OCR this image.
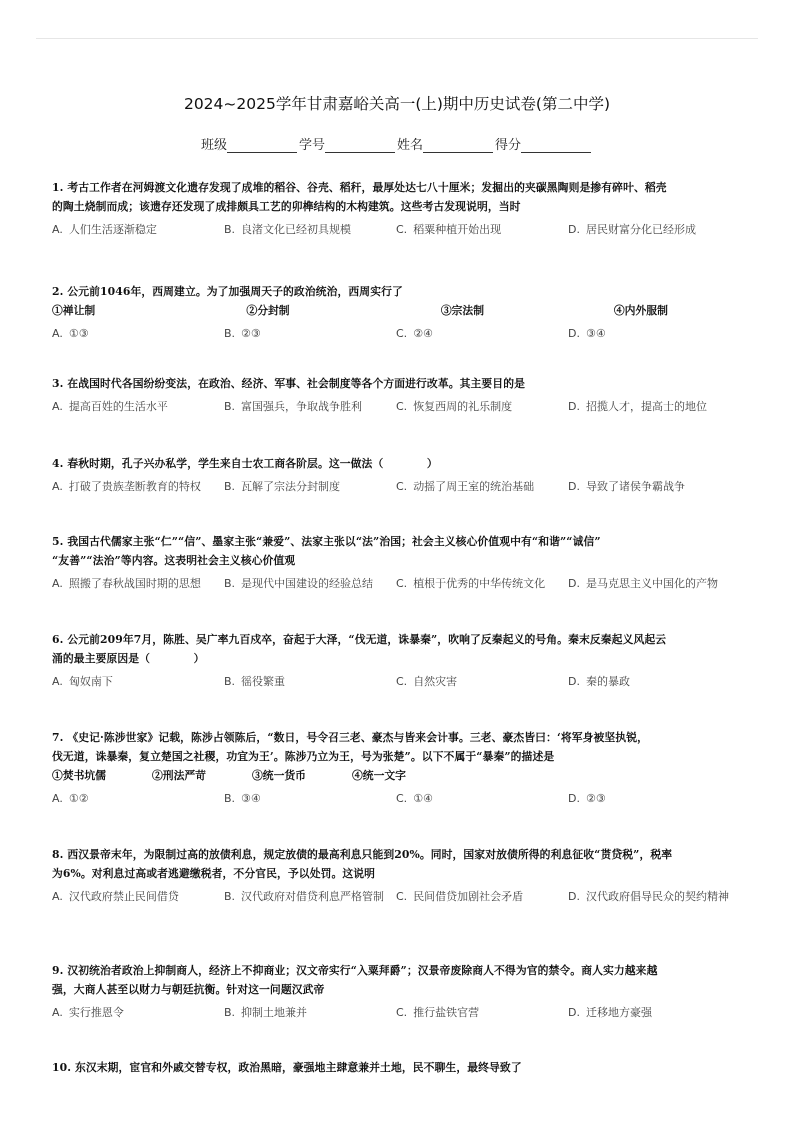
2024~2025学年甘肃嘉峪关高一(上)期中历史试卷(第二中学)
班级	学号	姓名	得分
1. 考古工作者在河姆渡文化遗存发现了成堆的稻谷、谷壳、稻秆，最厚处达七八十厘米；发掘出的夹碳黑陶则是掺有碎叶、稻壳
的陶土烧制而成；该遗存还发现了成排颇具工艺的卯榫结构的木构建筑。这些考古发现说明，当时
A. 人们生活逐渐稳定	B. 良渚文化已经初具规模	C. 稻粟种植开始出现	D. 居民财富分化已经形成
2. 公元前1046年，西周建立。为了加强周天子的政治统治，西周实行了
①禅让制	②分封制	③宗法制	④内外服制
A. ①③	B. ②③	C. ②④	D. ③④
3. 在战国时代各国纷纷变法，在政治、经济、军事、社会制度等各个方面进行改革。其主要目的是
A. 提高百姓的生活水平	B. 富国强兵，争取战争胜利	C. 恢复西周的礼乐制度	D. 招揽人才，提高士的地位
4. 春秋时期，孔子兴办私学，学生来自士农工商各阶层。这一做法（　　　　）
A. 打破了贵族垄断教育的特权	B. 瓦解了宗法分封制度	C. 动摇了周王室的统治基础	D. 导致了诸侯争霸战争
5. 我国古代儒家主张“仁”“信”、墨家主张“兼爱”、法家主张以“法”治国；社会主义核心价值观中有“和谐”“诚信”
“友善”“法治”等内容。这表明社会主义核心价值观
A. 照搬了春秋战国时期的思想	B. 是现代中国建设的经验总结	C. 植根于优秀的中华传统文化	D. 是马克思主义中国化的产物
6. 公元前209年7月，陈胜、吴广率九百戍卒，奋起于大泽，“伐无道，诛暴秦”，吹响了反秦起义的号角。秦末反秦起义风起云
涌的最主要原因是（　　　　）
A. 匈奴南下	B. 徭役繁重	C. 自然灾害	D. 秦的暴政
7. 《史记·陈涉世家》记载，陈涉占领陈后，“数日，号令召三老、豪杰与皆来会计事。三老、豪杰皆曰：‘将军身被坚执锐，
伐无道，诛暴秦，复立楚国之社稷，功宜为王’。陈涉乃立为王，号为张楚”。以下不属于“暴秦”的描述是
①焚书坑儒	②刑法严苛	③统一货币	④统一文字
A. ①②	B. ③④	C. ①④	D. ②③
8. 西汉景帝末年，为限制过高的放债利息，规定放债的最高利息只能到20%。同时，国家对放债所得的利息征收“贳贷税”，税率
为6%。对利息过高或者逃避缴税者，不分官民，予以处罚。这说明
A. 汉代政府禁止民间借贷	B. 汉代政府对借贷利息严格管制	C. 民间借贷加剧社会矛盾	D. 汉代政府倡导民众的契约精神
9. 汉初统治者政治上抑制商人，经济上不抑商业；汉文帝实行“入粟拜爵”；汉景帝废除商人不得为官的禁令。商人实力越来越
强，大商人甚至以财力与朝廷抗衡。针对这一问题汉武帝
A. 实行推恩令	B. 抑制土地兼并	C. 推行盐铁官营	D. 迁移地方豪强
10. 东汉末期，宦官和外戚交替专权，政治黑暗，豪强地主肆意兼并土地，民不聊生，最终导致了
